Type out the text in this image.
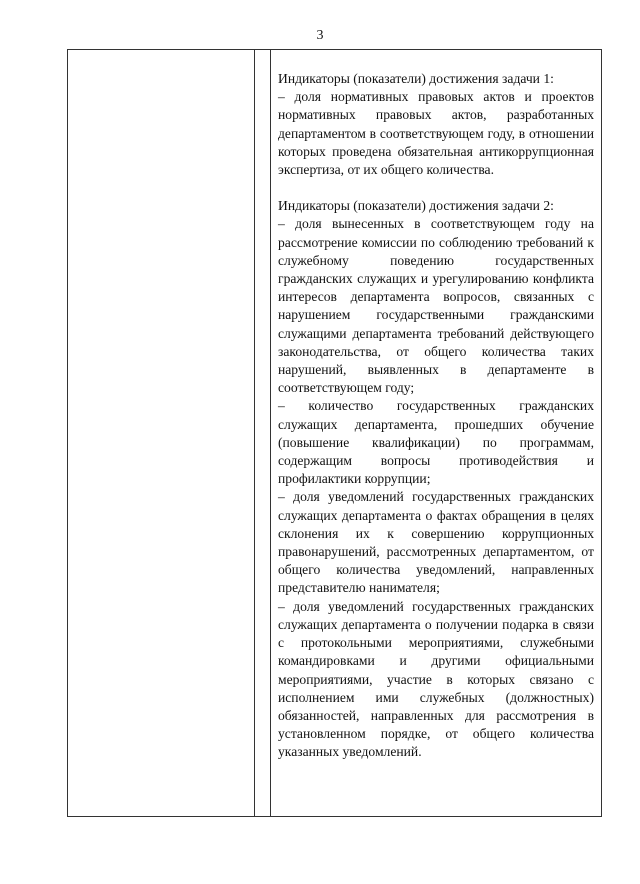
3

Индикаторы (показатели) достижения задачи 1:

– доля нормативных правовых актов и проектов нормативных правовых актов, разработанных департаментом в соответствующем году, в отношении которых проведена обязательная антикоррупционная экспертиза, от их общего количества.

Индикаторы (показатели) достижения задачи 2:

– доля вынесенных в соответствующем году на рассмотрение комиссии по соблюдению требований к служебному поведению государственных гражданских служащих и урегулированию конфликта интересов департамента вопросов, связанных с нарушением государственными гражданскими служащими департамента требований действующего законодательства, от общего количества таких нарушений, выявленных в департаменте в соответствующем году;

– количество государственных гражданских служащих департамента, прошедших обучение (повышение квалификации) по программам, содержащим вопросы противодействия и профилактики коррупции;

– доля уведомлений государственных гражданских служащих департамента о фактах обращения в целях склонения их к совершению коррупционных правонарушений, рассмотренных департаментом, от общего количества уведомлений, направленных представителю нанимателя;

– доля уведомлений государственных гражданских служащих департамента о получении подарка в связи с протокольными мероприятиями, служебными командировками и другими официальными мероприятиями, участие в которых связано с исполнением ими служебных (должностных) обязанностей, направленных для рассмотрения в установленном порядке, от общего количества указанных уведомлений.
